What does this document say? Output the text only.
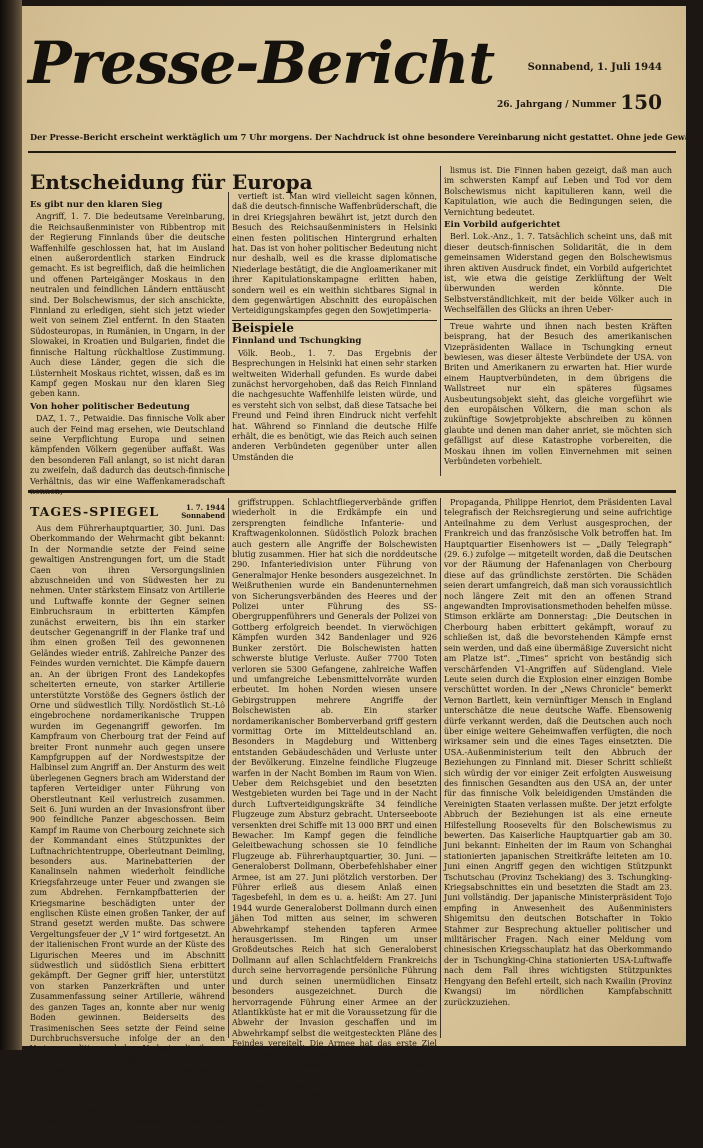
Presse-Bericht	Sonnabend, 1. Juli 1944
26. Jahrgang / Nummer 150
Der Presse-Bericht erscheint werktäglich um 7 Uhr morgens. Der Nachdruck ist ohne besondere Vereinbarung nicht gestattet. Ohne jede Gewähr.
Entscheidung für Europa
Es gibt nur den klaren Sieg

Angriff, 1. 7. Die bedeutsame Vereinbarung, die Reichsaußenminister von Ribbentrop mit der Regierung Finnlands über die deutsche Waffenhilfe geschlossen hat, hat im Ausland einen außerordentlich starken Eindruck gemacht. Es ist begreiflich, daß die heimlichen und offenen Parteigänger Moskaus in den neutralen und feindlichen Ländern enttäuscht sind. Der Bolschewismus, der sich anschickte, Finnland zu erledigen, sieht sich jetzt wieder weit von seinem Ziel entfernt. In den Staaten Südosteuropas, in Rumänien, in Ungarn, in der Slowakei, in Kroatien und Bulgarien, findet die finnische Haltung rückhaltlose Zustimmung. Auch diese Länder, gegen die sich die Lüsternheit Moskaus richtet, wissen, daß es im Kampf gegen Moskau nur den klaren Sieg geben kann.

Von hoher politischer Bedeutung

DAZ, 1. 7., Petwaidie. Das finnische Volk aber auch der Feind mag ersehen, wie Deutschland seine Verpflichtung Europa und seinen kämpfenden Völkern gegenüber auffaßt. Was den besonderen Fall anlangt, so ist nicht daran zu zweifeln, daß dadurch das deutsch-finnische Verhältnis, das wir eine Waffenkameradschaft nennen,

vertieft ist. Man wird vielleicht sagen können, daß die deutsch-finnische Waffenbrüderschaft, die in drei Kriegsjahren bewährt ist, jetzt durch den Besuch des Reichsaußenministers in Helsinki einen festen politischen Hintergrund erhalten hat. Das ist von hoher politischer Bedeutung nicht nur deshalb, weil es die krasse diplomatische Niederlage bestätigt, die die Angloamerikaner mit ihrer Kapitulationskampagne erlitten haben, sondern weil es ein weithin sichtbares Signal in dem gegenwärtigen Abschnitt des europäischen Verteidigungskampfes gegen den Sowjetimperia-

Beispiele
Finnland und Tschungking

Völk. Beob., 1. 7. Das Ergebnis der Besprechungen in Helsinki hat einen sehr starken weltweiten Widerhall gefunden. Es wurde dabei zunächst hervorgehoben, daß das Reich Finnland die nachgesuchte Waffenhilfe leisten würde, und es versteht sich von selbst, daß diese Tatsache bei Freund und Feind ihren Eindruck nicht verfehlt hat. Während so Finnland die deutsche Hilfe erhält, die es benötigt, wie das Reich auch seinen anderen Verbündeten gegenüber unter allen Umständen die

lismus ist. Die Finnen haben gezeigt, daß man auch im schwersten Kampf auf Leben und Tod vor dem Bolschewismus nicht kapitulieren kann, weil die Kapitulation, wie auch die Bedingungen seien, die Vernichtung bedeutet.

Ein Vorbild aufgerichtet

Berl. Lok.-Anz., 1. 7. Tatsächlich scheint uns, daß mit dieser deutsch-finnischen Solidarität, die in dem gemeinsamen Widerstand gegen den Bolschewismus ihren aktiven Ausdruck findet, ein Vorbild aufgerichtet ist, wie etwa die geistige Zerklüftung der Welt überwunden werden könnte. Die Selbstverständlichkeit, mit der beide Völker auch in Wechselfällen des Glücks an ihren Ueber-

Treue wahrte und ihnen nach besten Kräften beisprang, hat der Besuch des amerikanischen Vizepräsidenten Wallace in Tschungking erneut bewiesen, was dieser älteste Verbündete der USA. von Briten und Amerikanern zu erwarten hat. Hier wurde einem Hauptverbündeten, in dem übrigens die Wallstreet nur ein späteres fügsames Ausbeutungsobjekt sieht, das gleiche vorgeführt wie den europäischen Völkern, die man schon als zukünftige Sowjetprobjekte abschreiben zu können glaubte und denen man daher anriet, sie möchten sich gefälligst auf diese Katastrophe vorbereiten, die Moskau ihnen im vollen Einvernehmen mit seinen Verbündeten vorbehielt.

TAGES-SPIEGEL	1. 7. 1944 Sonnabend

Aus dem Führerhauptquartier, 30. Juni. Das Oberkommando der Wehrmacht gibt bekannt: In der Normandie setzte der Feind seine gewaltigen Anstrengungen fort, um die Stadt Caen von ihren Versorgungslinien abzuschneiden und von Südwesten her zu nehmen. Unter stärkstem Einsatz von Artillerie und Luftwaffe konnte der Gegner seinen Einbruchsraum in erbitterten Kämpfen zunächst erweitern, bis ihn ein starker deutscher Gegenangriff in der Flanke traf und ihm einen großen Teil des gewonnenen Geländes wieder entriß. Zahlreiche Panzer des Feindes wurden vernichtet. Die Kämpfe dauern an. An der übrigen Front des Landekopfes scheiterten erneute, von starker Artillerie unterstützte Vorstöße des Gegners östlich der Orne und südwestlich Tilly. Nordöstlich St.-Lô eingebrochene nordamerikanische Truppen wurden im Gegenangriff geworfen. Im Kampfraum von Cherbourg trat der Feind auf breiter Front nunmehr auch gegen unsere Kampfgruppen auf der Nordwestspitze der Halbinsel zum Angriff an. Der Ansturm des weit überlegenen Gegners brach am Widerstand der tapferen Verteidiger unter Führung von Oberstleutnant Keil verlustreich zusammen. Seit 6. Juni wurden an der Invasionsfront über 900 feindliche Panzer abgeschossen. Beim Kampf im Raume von Cherbourg zeichnete sich der Kommandant eines Stützpunktes der Luftnachrichtentruppe, Oberleutnant Deimling, besonders aus. Marinebatterien der Kanalinseln nahmen wiederholt feindliche Kriegsfahrzeuge unter Feuer und zwangen sie zum Abdrehen. Fernkampfbatterien der Kriegsmarine beschädigten unter der englischen Küste einen großen Tanker, der auf Strand gesetzt werden mußte. Das schwere Vergeltungsfeuer der „V 1“ wird fortgesetzt. An der italienischen Front wurde an der Küste des Ligurischen Meeres und im Abschnitt südwestlich und südöstlich Siena erbittert gekämpft. Der Gegner griff hier, unterstützt von starken Panzerkräften und unter Zusammenfassung seiner Artillerie, während des ganzen Tages an, konnte aber nur wenig Boden gewinnen. Beiderseits des Trasimenischen Sees setzte der Feind seine Durchbruchsversuche infolge der an den Vortagen erlittenen hohen Verluste, die ihn zu erneuten Umgruppierungen zwangen, gestern während des Tages nicht fort. Erst gegen Abend nahm er seine Angriffe wieder auf, die noch im Gange sind. In der Mitte der Ostfront wird weiter erbittert gekämpft. Zwischen Sluzk und Bobruisk wurden feindliche Angriffsspitzen an einigen Stellen aufgefangen. Bei Borissow und südwestlich Polozk kam es zu heftigen Kämpfen mit feindlichen An-

griffstruppen. Schlachtfliegerverbände griffen wiederholt in die Erdkämpfe ein und zersprengten feindliche Infanterie- und Kraftwagenkolonnen. Südöstlich Polozk brachen auch gestern alle Angriffe der Bolschewisten blutig zusammen. Hier hat sich die norddeutsche 290. Infanteriedivision unter Führung von Generalmajor Henke besonders ausgezeichnet. In Weißruthenien wurde ein Bandenunternehmen von Sicherungsverbänden des Heeres und der Polizei unter Führung des SS-Obergruppenführers und Generals der Polizei von Gottberg erfolgreich beendet. In vierwöchigen Kämpfen wurden 342 Bandenlager und 926 Bunker zerstört. Die Bolschewisten hatten schwerste blutige Verluste. Außer 7700 Toten verloren sie 5300 Gefangene, zahlreiche Waffen und umfangreiche Lebensmittelvorräte wurden erbeutet. Im hohen Norden wiesen unsere Gebirgstruppen mehrere Angriffe der Bolschewisten ab. Ein starker nordamerikanischer Bomberverband griff gestern vormittag Orte im Mitteldeutschland an. Besonders in Magdeburg und Wittenberg entstanden Gebäudeschäden und Verluste unter der Bevölkerung. Einzelne feindliche Flugzeuge warfen in der Nacht Bomben im Raum von Wien. Ueber dem Reichsgebiet und den besetzten Westgebieten wurden bei Tage und in der Nacht durch Luftverteidigungskräfte 34 feindliche Flugzeuge zum Absturz gebracht. Unterseeboote versenkten drei Schiffe mit 13 000 BRT und einen Bewacher. Im Kampf gegen die feindliche Geleitbewachung schossen sie 10 feindliche Flugzeuge ab. Führerhauptquartier, 30. Juni. — Generaloberst Dollmann, Oberbefehlshaber einer Armee, ist am 27. Juni plötzlich verstorben. Der Führer erließ aus diesem Anlaß einen Tagesbefehl, in dem es u. a. heißt: Am 27. Juni 1944 wurde Generaloberst Dollmann durch einen jähen Tod mitten aus seiner, im schweren Abwehrkampf stehenden tapferen Armee herausgerissen. Im Ringen um unser Großdeutsches Reich hat sich Generaloberst Dollmann auf allen Schlachtfeldern Frankreichs durch seine hervorragende persönliche Führung und durch seinen unermüdlichen Einsatz besonders ausgezeichnet. Durch die hervorragende Führung einer Armee an der Atlantikküste hat er mit die Voraussetzung für die Abwehr der Invasion geschaffen und im Abwehrkampf selbst die weitgesteckten Pläne des Feindes vereitelt. Die Armee hat das erste Ziel der Landung des Gegners zunichtegemacht. Das Heer senkt in stolzer Trauer vor dem toten Oberbefehlshaber einer tapferen Armee die Reichskriegsflagge. Der Reichsminister des Auswärtigen von Ribbentrop hat aus Anlaß der Ermordung des französischen Staatssekretärs für Information und

Propaganda, Philippe Henriot, dem Präsidenten Laval telegrafisch der Reichsregierung und seine aufrichtige Anteilnahme zu dem Verlust ausgesprochen, der Frankreich und das französische Volk betroffen hat. Im Hauptquartier Eisenhowers ist — „Daily Telegraph“ (29. 6.) zufolge — mitgeteilt worden, daß die Deutschen vor der Räumung der Hafenanlagen von Cherbourg diese auf das gründlichste zerstörten. Die Schäden seien derart umfangreich, daß man sich voraussichtlich noch längere Zeit mit den an offenen Strand angewandten Improvisationsmethoden behelfen müsse. Stimson erklärte am Donnerstag: „Die Deutschen in Cherbourg haben erbittert gekämpft, worauf zu schließen ist, daß die bevorstehenden Kämpfe ernst sein werden, und daß eine übermäßige Zuversicht nicht am Platze ist“. „Times“ spricht von beständig sich verschärfenden V1-Angriffen auf Südengland. Viele Leute seien durch die Explosion einer einzigen Bombe verschüttet worden. In der „News Chronicle“ bemerkt Vernon Bartlett, kein vernünftiger Mensch in England unterschätze die neue deutsche Waffe. Ebensowenig dürfe verkannt werden, daß die Deutschen auch noch über einige weitere Geheimwaffen verfügten, die noch wirksamer sein und die eines Tages einsetzten. Die USA.-Außenministerium teilt den Abbruch der Beziehungen zu Finnland mit. Dieser Schritt schließt sich würdig der vor einiger Zeit erfolgten Ausweisung des finnischen Gesandten aus den USA an, der unter für das finnische Volk beleidigenden Umständen die Vereinigten Staaten verlassen mußte. Der jetzt erfolgte Abbruch der Beziehungen ist als eine erneute Hilfestellung Roosevelts für den Bolschewismus zu bewerten. Das Kaiserliche Hauptquartier gab am 30. Juni bekannt: Einheiten der im Raum von Schanghai stationierten japanischen Streitkräfte leiteten am 10. Juni einen Angriff gegen den wichtigen Stützpunkt Tschutschau (Provinz Tschekiang) des 3. Tschungking-Kriegsabschnittes ein und besetzten die Stadt am 23. Juni vollständig. Der japanische Ministerpräsident Tojo empfing in Anwesenheit des Außenministers Shigemitsu den deutschen Botschafter in Tokio Stahmer zur Besprechung aktueller politischer und militärischer Fragen. Nach einer Meldung vom chinesischen Kriegsschauplatz hat das Oberkommando der in Tschungking-China stationierten USA-Luftwaffe nach dem Fall ihres wichtigsten Stützpunktes Hengyang den Befehl erteilt, sich nach Kwailin (Provinz Kwangsi) im nördlichen Kampfabschnitt zurückzuziehen.
